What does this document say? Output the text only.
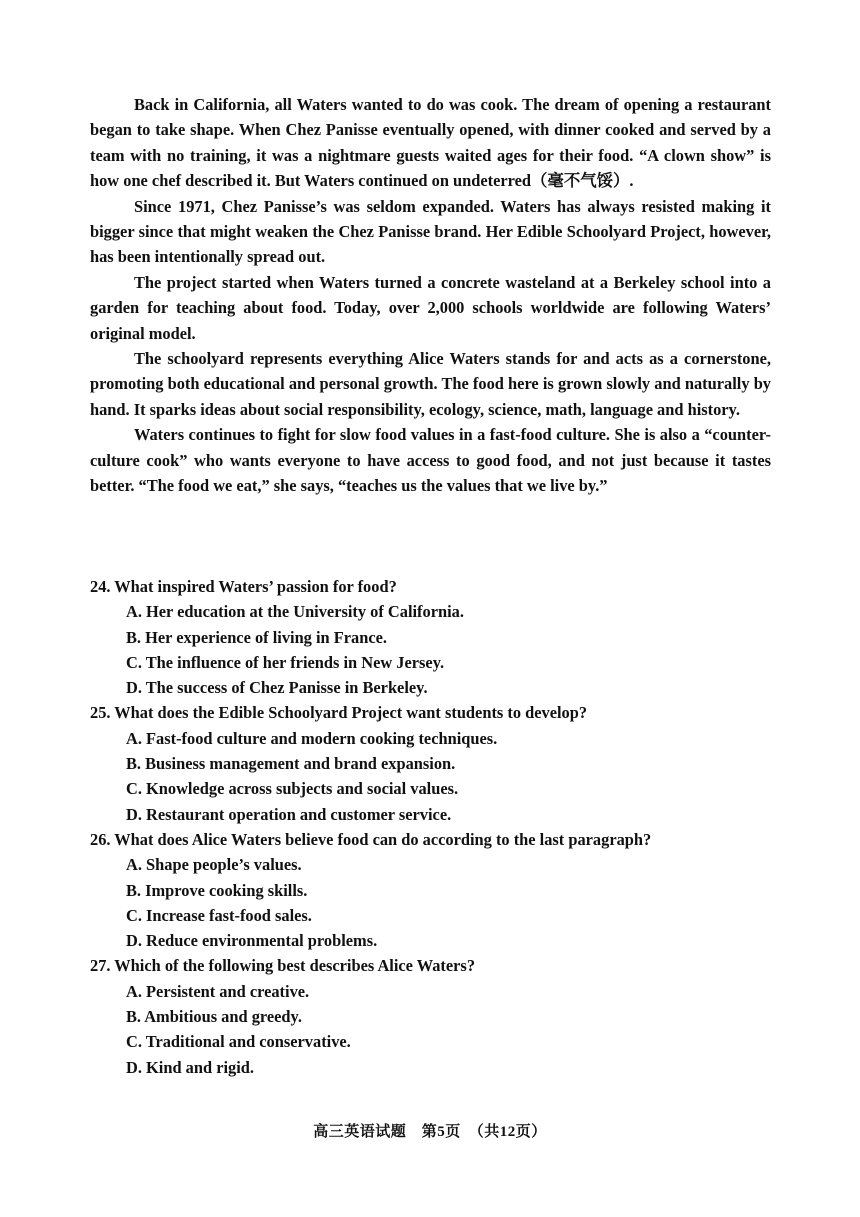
Back in California, all Waters wanted to do was cook. The dream of opening a restaurant began to take shape. When Chez Panisse eventually opened, with dinner cooked and served by a team with no training, it was a nightmare guests waited ages for their food. “A clown show” is how one chef described it. But Waters continued on undeterred（毫不气馁）.

Since 1971, Chez Panisse’s was seldom expanded. Waters has always resisted making it bigger since that might weaken the Chez Panisse brand. Her Edible Schoolyard Project, however, has been intentionally spread out.

The project started when Waters turned a concrete wasteland at a Berkeley school into a garden for teaching about food. Today, over 2,000 schools worldwide are following Waters’ original model.

The schoolyard represents everything Alice Waters stands for and acts as a cornerstone, promoting both educational and personal growth. The food here is grown slowly and naturally by hand. It sparks ideas about social responsibility, ecology, science, math, language and history.

Waters continues to fight for slow food values in a fast-food culture. She is also a “counter-culture cook” who wants everyone to have access to good food, and not just because it tastes better. “The food we eat,” she says, “teaches us the values that we live by.”

24. What inspired Waters’ passion for food?
A. Her education at the University of California.
B. Her experience of living in France.
C. The influence of her friends in New Jersey.
D. The success of Chez Panisse in Berkeley.
25. What does the Edible Schoolyard Project want students to develop?
A. Fast-food culture and modern cooking techniques.
B. Business management and brand expansion.
C. Knowledge across subjects and social values.
D. Restaurant operation and customer service.
26. What does Alice Waters believe food can do according to the last paragraph?
A. Shape people’s values.
B. Improve cooking skills.
C. Increase fast-food sales.
D. Reduce environmental problems.
27. Which of the following best describes Alice Waters?
A. Persistent and creative.
B. Ambitious and greedy.
C. Traditional and conservative.
D. Kind and rigid.
高三英语试题　第5页　（共12页）
